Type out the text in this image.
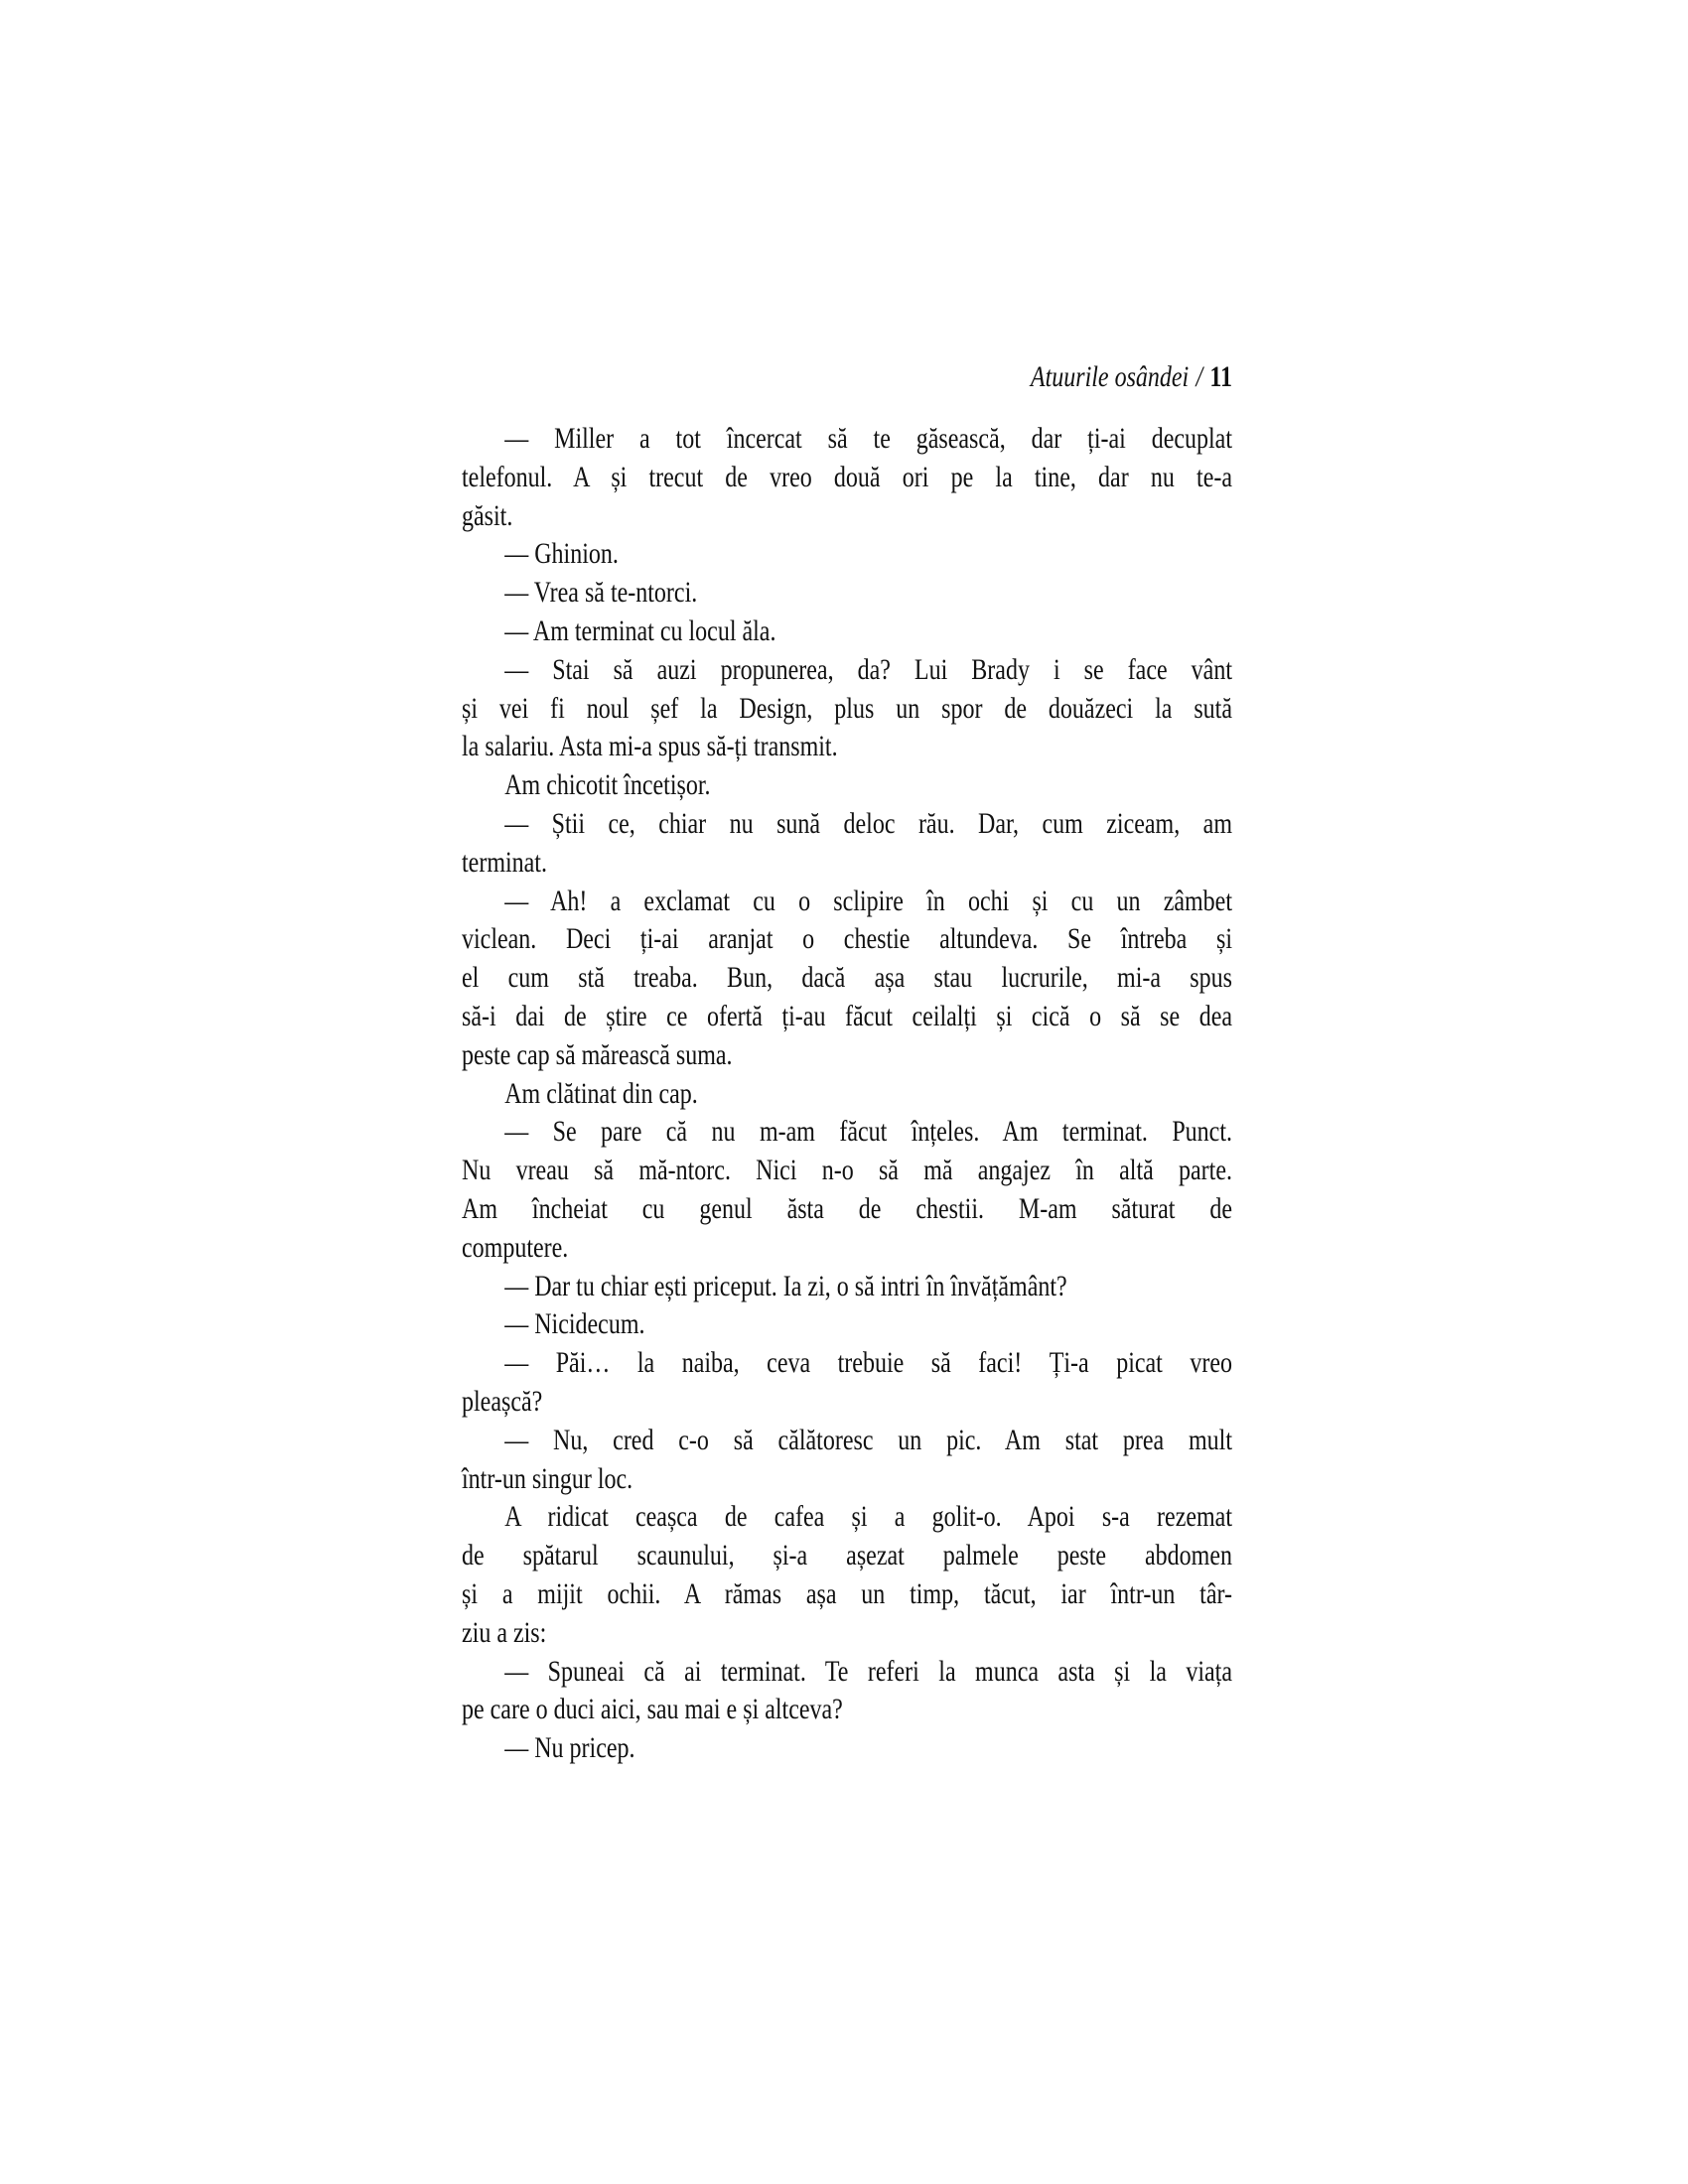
Atuurile osândei / 11
— Miller a tot încercat să te găsească, dar ți-ai decuplat
telefonul. A și trecut de vreo două ori pe la tine, dar nu te-a
găsit.
— Ghinion.
— Vrea să te-ntorci.
— Am terminat cu locul ăla.
— Stai să auzi propunerea, da? Lui Brady i se face vânt
și vei fi noul șef la Design, plus un spor de douăzeci la sută
la salariu. Asta mi-a spus să-ți transmit.
Am chicotit încetișor.
— Știi ce, chiar nu sună deloc rău. Dar, cum ziceam, am
terminat.
— Ah! a exclamat cu o sclipire în ochi și cu un zâmbet
viclean. Deci ți-ai aranjat o chestie altundeva. Se întreba și
el cum stă treaba. Bun, dacă așa stau lucrurile, mi-a spus
să-i dai de știre ce ofertă ți-au făcut ceilalți și cică o să se dea
peste cap să mărească suma.
Am clătinat din cap.
— Se pare că nu m-am făcut înțeles. Am terminat. Punct.
Nu vreau să mă-ntorc. Nici n-o să mă angajez în altă parte.
Am încheiat cu genul ăsta de chestii. M-am săturat de
computere.
— Dar tu chiar ești priceput. Ia zi, o să intri în învățământ?
— Nicidecum.
— Păi… la naiba, ceva trebuie să faci! Ți-a picat vreo
pleașcă?
— Nu, cred c-o să călătoresc un pic. Am stat prea mult
într-un singur loc.
A ridicat ceașca de cafea și a golit-o. Apoi s-a rezemat
de spătarul scaunului, și-a așezat palmele peste abdomen
și a mijit ochii. A rămas așa un timp, tăcut, iar într-un târ-
ziu a zis:
— Spuneai că ai terminat. Te referi la munca asta și la viața
pe care o duci aici, sau mai e și altceva?
— Nu pricep.
